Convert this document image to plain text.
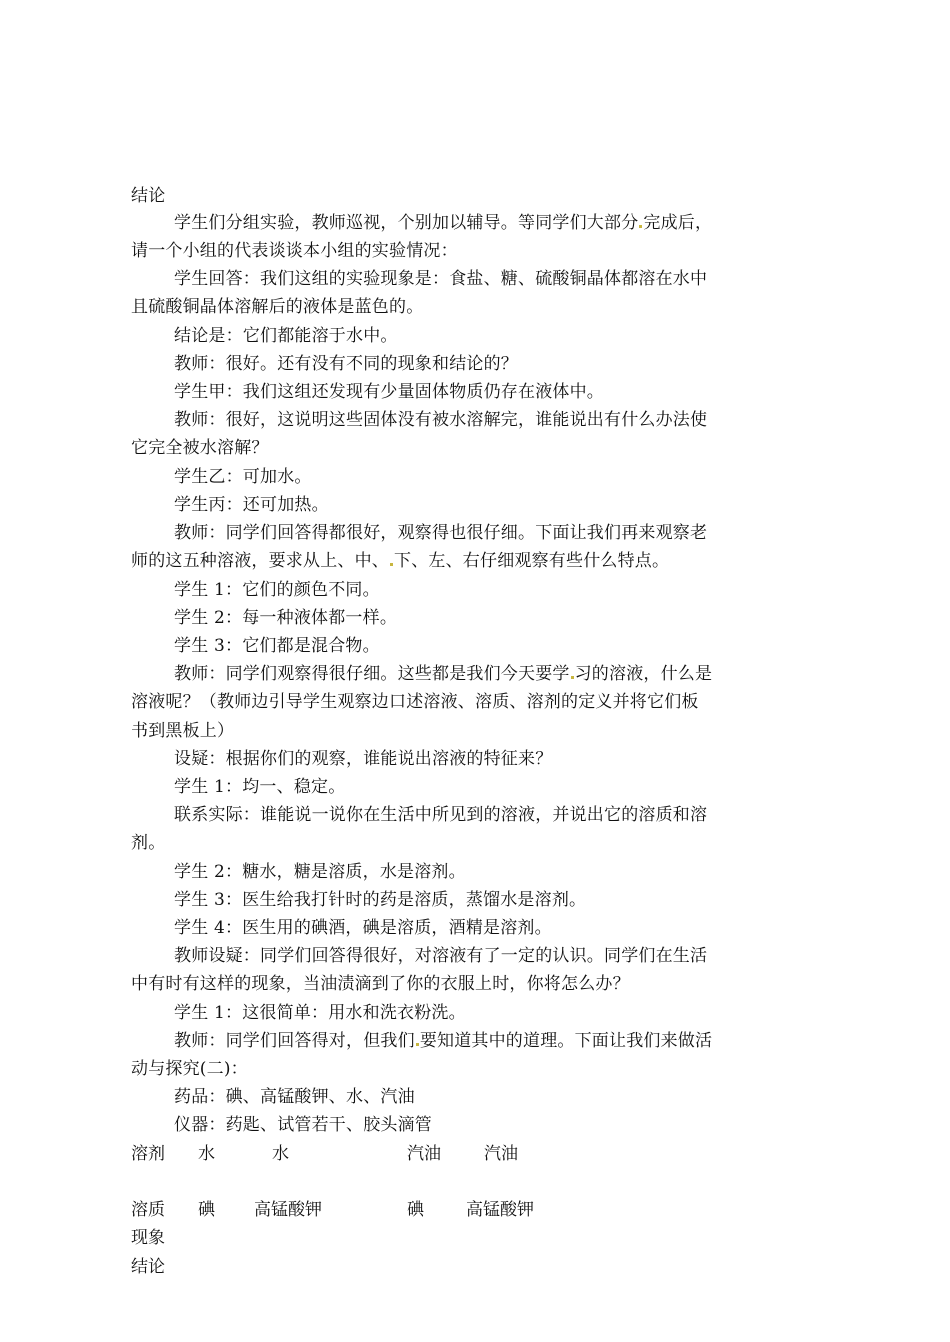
结论
学生们分组实验，教师巡视，个别加以辅导。等同学们大部分 完成后，
请一个小组的代表谈谈本小组的实验情况：
学生回答：我们这组的实验现象是：食盐、糖、硫酸铜晶体都溶在水中
且硫酸铜晶体溶解后的液体是蓝色的。
结论是：它们都能溶于水中。
教师：很好。还有没有不同的现象和结论的？
学生甲：我们这组还发现有少量固体物质仍存在液体中。
教师：很好，这说明这些固体没有被水溶解完，谁能说出有什么办法使
它完全被水溶解？
学生乙：可加水。
学生丙：还可加热。
教师：同学们回答得都很好，观察得也很仔细。下面让我们再来观察老
师的这五种溶液，要求从上、中、 下、左、右仔细观察有些什么特点。
学生 1：它们的颜色不同。
学生 2：每一种液体都一样。
学生 3：它们都是混合物。
教师：同学们观察得很仔细。这些都是我们今天要学 习的溶液，什么是
溶液呢？（教师边引导学生观察边口述溶液、溶质、溶剂的定义并将它们板
书到黑板上）
设疑：根据你们的观察，谁能说出溶液的特征来？
学生 1：均一、稳定。
联系实际：谁能说一说你在生活中所见到的溶液，并说出它的溶质和溶
剂。
学生 2：糖水，糖是溶质，水是溶剂。
学生 3：医生给我打针时的药是溶质，蒸馏水是溶剂。
学生 4：医生用的碘酒，碘是溶质，酒精是溶剂。
教师设疑：同学们回答得很好，对溶液有了一定的认识。同学们在生活
中有时有这样的现象，当油渍滴到了你的衣服上时，你将怎么办？
学生 1：这很简单：用水和洗衣粉洗。
教师：同学们回答得对，但我们 要知道其中的道理。下面让我们来做活
动与探究(二)：
药品：碘、高锰酸钾、水、汽油
仪器：药匙、试管若干、胶头滴管
溶剂 水	水	汽油	汽油
溶质 碘 高锰酸钾	碘 高锰酸钾
现象
结论
